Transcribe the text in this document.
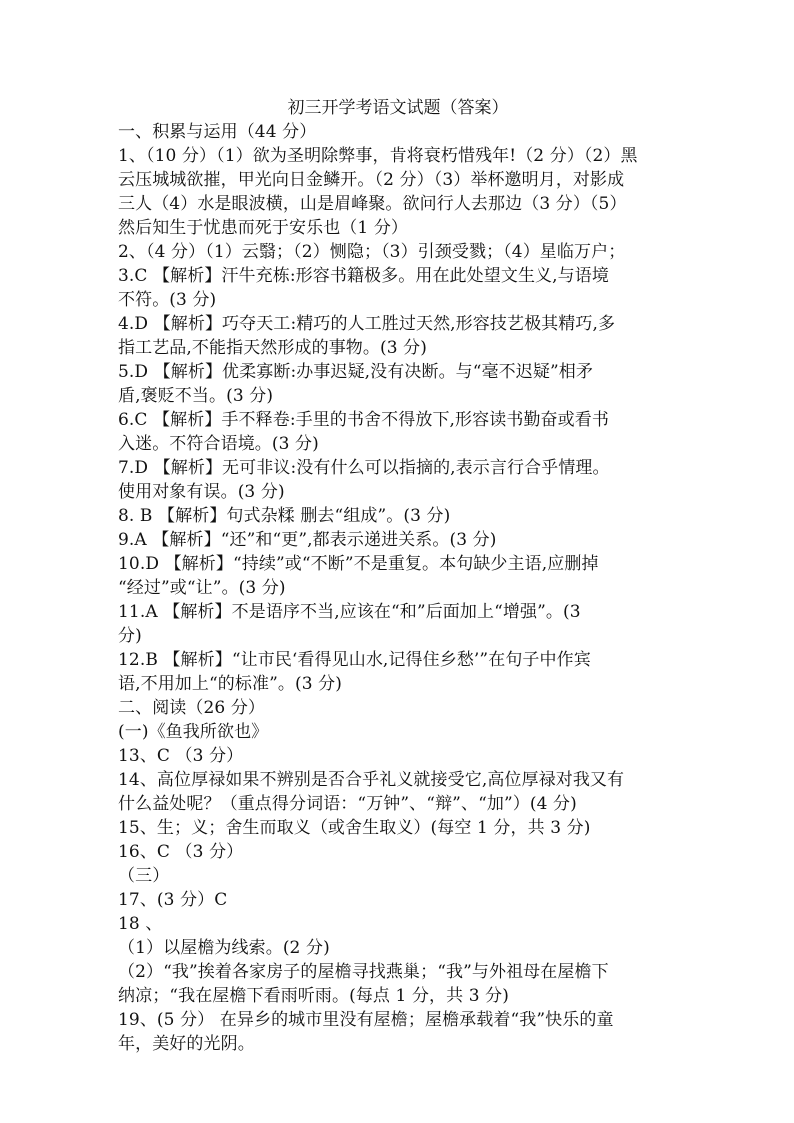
初三开学考语文试题（答案）
一、积累与运用（44 分）
1、（10 分）（1）欲为圣明除弊事，肯将衰朽惜残年!（2 分）（2）黑
云压城城欲摧，甲光向日金鳞开。（2 分）（3）举杯邀明月，对影成
三人（4）水是眼波横，山是眉峰聚。欲问行人去那边（3 分）（5）
然后知生于忧患而死于安乐也（1 分）
2、（4 分）（1）云翳；（2）恻隐；（3）引颈受戮；（4）星临万户；
3.C 【解析】汗牛充栋:形容书籍极多。用在此处望文生义,与语境
不符。(3 分)
4.D 【解析】巧夺天工:精巧的人工胜过天然,形容技艺极其精巧,多
指工艺品,不能指天然形成的事物。(3 分)
5.D 【解析】优柔寡断:办事迟疑,没有决断。与“毫不迟疑”相矛
盾,褒贬不当。(3 分)
6.C 【解析】手不释卷:手里的书舍不得放下,形容读书勤奋或看书
入迷。不符合语境。(3 分)
7.D 【解析】无可非议:没有什么可以指摘的,表示言行合乎情理。
使用对象有误。(3 分)
8. B 【解析】句式杂糅 删去“组成”。(3 分)
9.A 【解析】“还”和“更”,都表示递进关系。(3 分)
10.D 【解析】“持续”或“不断”不是重复。本句缺少主语,应删掉
“经过”或“让”。(3 分)
11.A 【解析】不是语序不当,应该在“和”后面加上“增强”。(3
分)
12.B 【解析】“让市民‘看得见山水,记得住乡愁’”在句子中作宾
语,不用加上“的标准”。(3 分)
二、阅读（26 分）
(一)《鱼我所欲也》
13、C （3 分）
14、高位厚禄如果不辨别是否合乎礼义就接受它,高位厚禄对我又有
什么益处呢？（重点得分词语：“万钟”、“辩”、“加”）(4 分)
15、生；义；舍生而取义（或舍生取义）(每空 1 分，共 3 分)
16、C （3 分）
（三）
17、(3 分）C
18 、
（1）以屋檐为线索。(2 分)
（2）“我”挨着各家房子的屋檐寻找燕巢；“我”与外祖母在屋檐下
纳凉；“我在屋檐下看雨听雨。(每点 1 分，共 3 分)
19、(5 分） 在异乡的城市里没有屋檐；屋檐承载着“我”快乐的童
年，美好的光阴。
